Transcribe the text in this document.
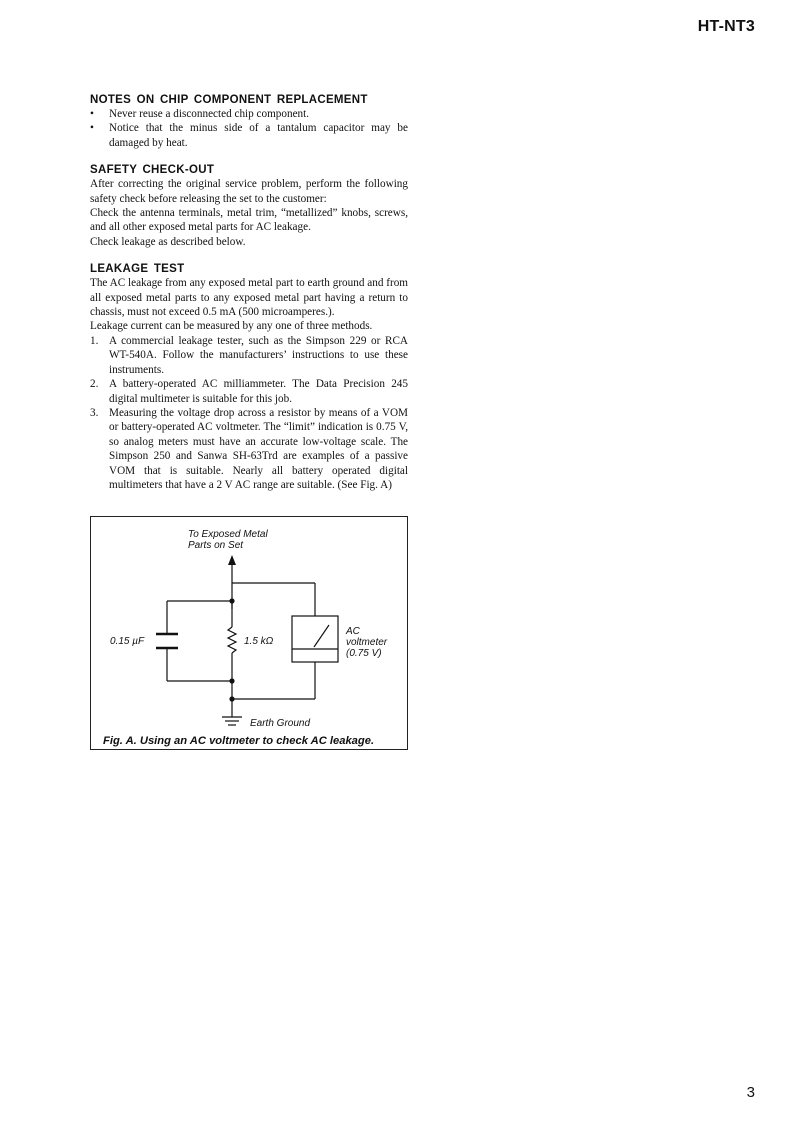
HT-NT3
NOTES ON CHIP COMPONENT REPLACEMENT
• Never reuse a disconnected chip component.
• Notice that the minus side of a tantalum capacitor may be damaged by heat.
SAFETY CHECK-OUT

After correcting the original service problem, perform the following safety check before releasing the set to the customer:

Check the antenna terminals, metal trim, “metallized” knobs, screws, and all other exposed metal parts for AC leakage.

Check leakage as described below.

LEAKAGE TEST

The AC leakage from any exposed metal part to earth ground and from all exposed metal parts to any exposed metal part having a return to chassis, must not exceed 0.5 mA (500 microamperes.).

Leakage current can be measured by any one of three methods.

1. A commercial leakage tester, such as the Simpson 229 or RCA WT-540A. Follow the manufacturers’ instructions to use these instruments.
2. A battery-operated AC milliammeter. The Data Precision 245 digital multimeter is suitable for this job.
3. Measuring the voltage drop across a resistor by means of a VOM or battery-operated AC voltmeter. The “limit” indication is 0.75 V, so analog meters must have an accurate low-voltage scale. The Simpson 250 and Sanwa SH-63Trd are examples of a passive VOM that is suitable. Nearly all battery operated digital multimeters that have a 2 V AC range are suitable. (See Fig. A)
To Exposed Metal
Parts on Set
0.15 µF	1.5 kΩ
AC
voltmeter
(0.75 V)
Earth Ground
Fig. A. Using an AC voltmeter to check AC leakage.
3
